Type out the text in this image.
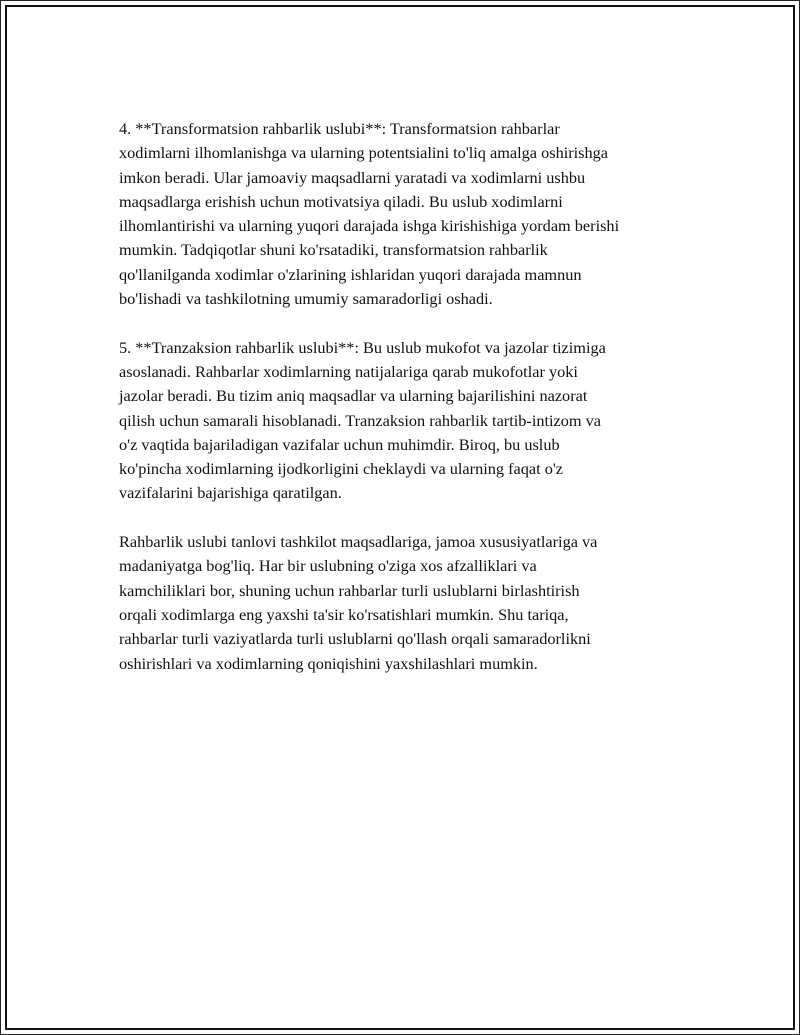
4. **Transformatsion rahbarlik uslubi**: Transformatsion rahbarlar
xodimlarni ilhomlanishga va ularning potentsialini to'liq amalga oshirishga
imkon beradi. Ular jamoaviy maqsadlarni yaratadi va xodimlarni ushbu
maqsadlarga erishish uchun motivatsiya qiladi. Bu uslub xodimlarni
ilhomlantirishi va ularning yuqori darajada ishga kirishishiga yordam berishi
mumkin. Tadqiqotlar shuni ko'rsatadiki, transformatsion rahbarlik
qo'llanilganda xodimlar o'zlarining ishlaridan yuqori darajada mamnun
bo'lishadi va tashkilotning umumiy samaradorligi oshadi.

5. **Tranzaksion rahbarlik uslubi**: Bu uslub mukofot va jazolar tizimiga
asoslanadi. Rahbarlar xodimlarning natijalariga qarab mukofotlar yoki
jazolar beradi. Bu tizim aniq maqsadlar va ularning bajarilishini nazorat
qilish uchun samarali hisoblanadi. Tranzaksion rahbarlik tartib-intizom va
o'z vaqtida bajariladigan vazifalar uchun muhimdir. Biroq, bu uslub
ko'pincha xodimlarning ijodkorligini cheklaydi va ularning faqat o'z
vazifalarini bajarishiga qaratilgan.

Rahbarlik uslubi tanlovi tashkilot maqsadlariga, jamoa xususiyatlariga va
madaniyatga bog'liq. Har bir uslubning o'ziga xos afzalliklari va
kamchiliklari bor, shuning uchun rahbarlar turli uslublarni birlashtirish
orqali xodimlarga eng yaxshi ta'sir ko'rsatishlari mumkin. Shu tariqa,
rahbarlar turli vaziyatlarda turli uslublarni qo'llash orqali samaradorlikni
oshirishlari va xodimlarning qoniqishini yaxshilashlari mumkin.
